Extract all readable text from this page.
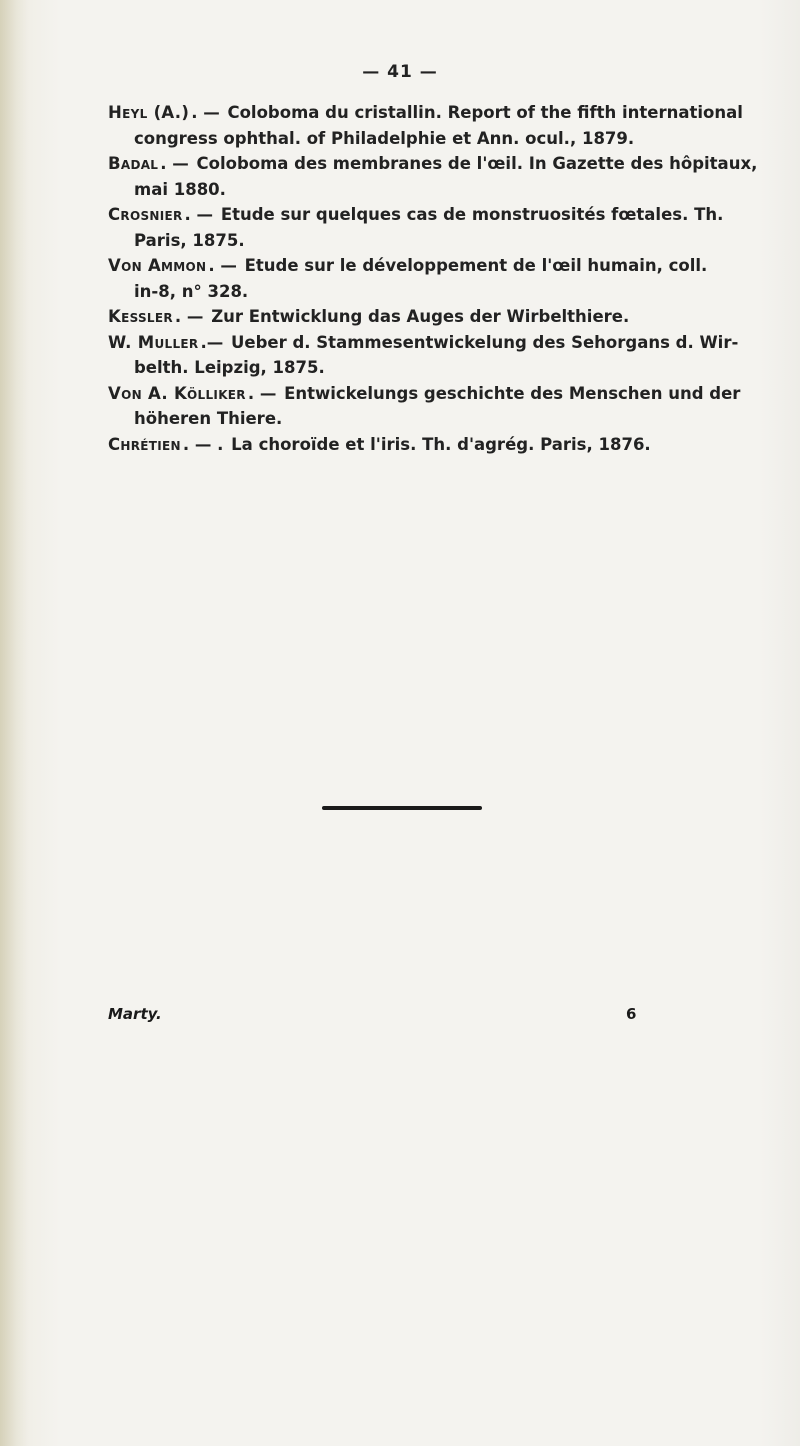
— 41 —

Heyl (A.) . — Coloboma du cristallin. Report of the fifth international
congress ophthal. of Philadelphie et Ann. ocul., 1879.

Badal . — Coloboma des membranes de l'œil. In Gazette des hôpitaux,
mai 1880.

Crosnier . — Etude sur quelques cas de monstruosités fœtales. Th.
Paris, 1875.

Von Ammon . — Etude sur le développement de l'œil humain, coll.
in-8, n° 328.

Kessler . — Zur Entwicklung das Auges der Wirbelthiere.

W. Muller .— Ueber d. Stammesentwickelung des Sehorgans d. Wir-
belth. Leipzig, 1875.

Von A. Kölliker . — Entwickelungs geschichte des Menschen und der
höheren Thiere.

Chrétien . — . La choroïde et l'iris. Th. d'agrég. Paris, 1876.

Marty.	6
